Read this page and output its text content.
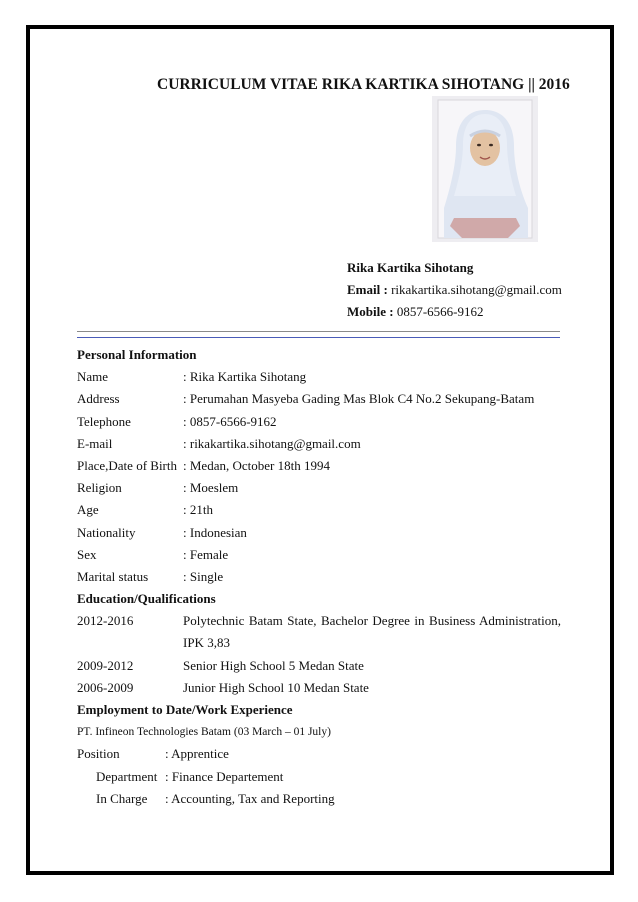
CURRICULUM VITAE RIKA KARTIKA SIHOTANG || 2016
Rika Kartika Sihotang
Email : rikakartika.sihotang@gmail.com
Mobile : 0857-6566-9162
Personal Information
Name	: Rika Kartika Sihotang
Address	: Perumahan Masyeba Gading Mas Blok C4 No.2 Sekupang-Batam
Telephone	: 0857-6566-9162
E-mail	: rikakartika.sihotang@gmail.com
Place,Date of Birth : Medan, October 18th 1994
Religion	: Moeslem
Age	: 21th
Nationality	: Indonesian
Sex	: Female
Marital status	: Single
Education/Qualifications
2012-2016	Polytechnic Batam State, Bachelor Degree in Business Administration, IPK 3,83
2009-2012	Senior High School 5 Medan State
2006-2009	Junior High School 10 Medan State
Employment to Date/Work Experience
PT. Infineon Technologies Batam (03 March – 01 July)
Position	: Apprentice
Department : Finance Departement
In Charge : Accounting, Tax and Reporting
